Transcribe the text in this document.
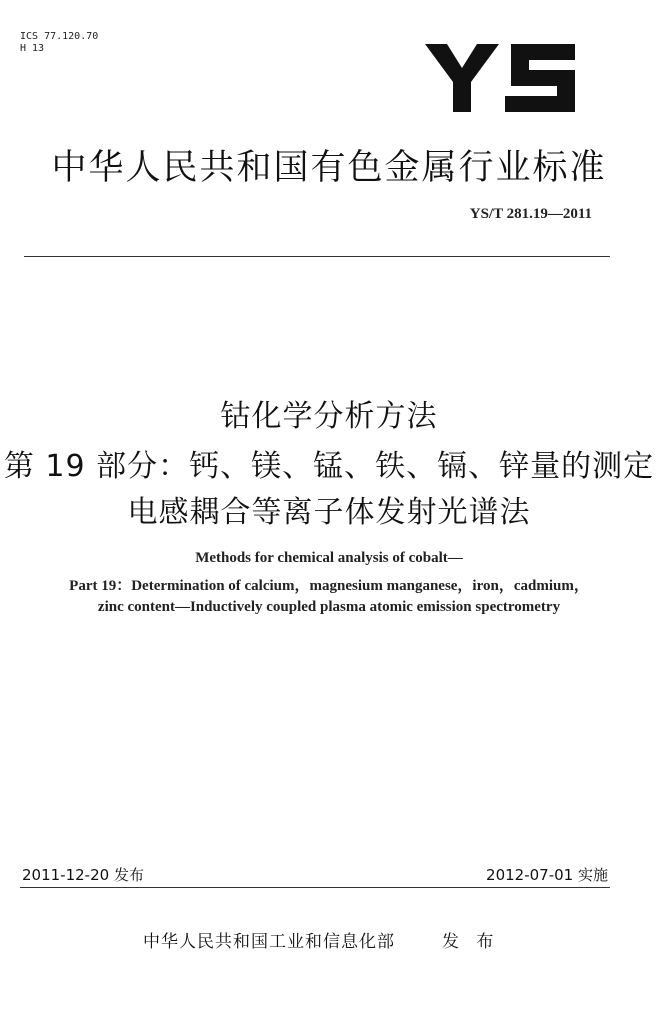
ICS 77.120.70
H 13
中华人民共和国有色金属行业标准
YS/T 281.19—2011
钴化学分析方法
第 19 部分：钙、镁、锰、铁、镉、锌量的测定
电感耦合等离子体发射光谱法
Methods for chemical analysis of cobalt—
Part 19：Determination of calcium，magnesium manganese，iron，cadmium，
zinc content—Inductively coupled plasma atomic emission spectrometry
2011-12-20 发布	2012-07-01 实施
中华人民共和国工业和信息化部	发 布
